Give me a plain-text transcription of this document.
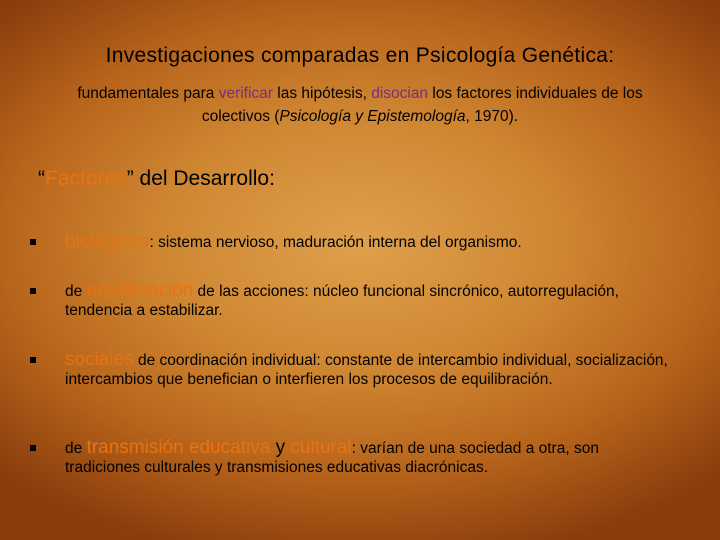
Investigaciones comparadas en Psicología Genética:
fundamentales para verificar las hipótesis, disocian los factores individuales de los colectivos (Psicología y Epistemología, 1970).
“Factores” del Desarrollo:
biológicos: sistema nervioso, maduración interna del organismo.
de equilibración de las acciones: núcleo funcional sincrónico, autorregulación, tendencia a estabilizar.
sociales de coordinación individual: constante de intercambio individual, socialización, intercambios que benefician o interfieren los procesos de equilibración.
de transmisión educativa y cultural: varían de una sociedad a otra, son tradiciones culturales y transmisiones educativas diacrónicas.
